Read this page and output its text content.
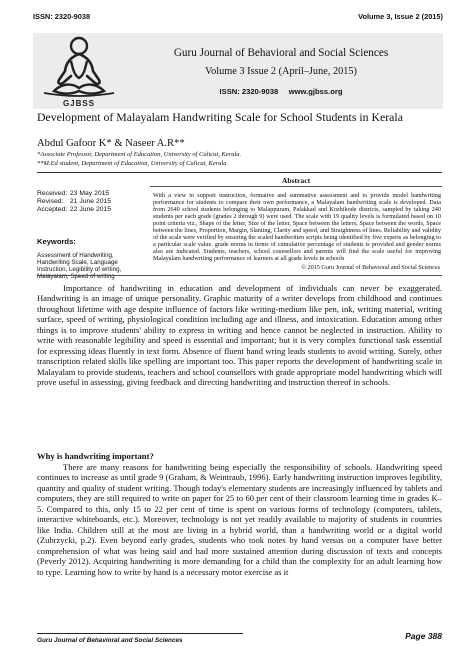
ISSN: 2320-9038	Volume 3, Issue 2 (2015)
GJBSS
Guru Journal of Behavioral and Social Sciences
Volume 3 Issue 2 (April–June, 2015)
ISSN: 2320-9038     www.gjbss.org
Development of Malayalam Handwriting Scale for School Students in Kerala
Abdul Gafoor K* & Naseer A.R**
*Associate Professor, Department of Education, University of Calicut, Kerala.
**M.Ed student, Department of Education, University of Calicut, Kerala
Received: 23 May 2015
Revised: 21 June 2015
Accepted: 22 June 2015
Keywords:
Assessment of Handwriting, Handwriting Scale, Language Instruction, Legibility of writing, Malayalam, Speed of writing
Abstract
With a view to support instruction, formative and summative assessment and to provide model handwriting performance for students to compare their own performance, a Malayalam handwriting scale is developed. Data from 2640 school students belonging to Malappuram, Palakkad and Kozhikode districts, sampled by taking 240 students per each grade (grades 2 through 9) were used. The scale with 19 quality levels is formulated based on 10 point criteria viz., Shape of the letter, Size of the letter, Space between the letters, Space between the words, Space between the lines, Proportion, Margin, Slanting, Clarity and speed, and Straightness of lines. Reliability and validity of the scale were verified by ensuring the scaled handwritten scripts being identified by five experts as belonging to a particular scale value. grade norms in terms of cumulative percentage of students is provided and gender norms also are indicated. Students, teachers, school counsellors and parents will find the scale useful for improving Malayalam handwriting performance of learners at all grade levels in schools
© 2015 Guru Journal of Behavioral and Social Sciences

Importance of handwriting in education and development of individuals can never be exaggerated. Handwriting is an image of unique personality. Graphic maturity of a writer develops from childhood and continues throughout lifetime with age despite influence of factors like writing-medium like pen, ink, writing material, writing surface, speed of writing, physiological condition including age and illness, and intoxication. Education among other things is to improve students' ability to express in writing and hence cannot be neglected in instruction. Ability to write with reasonable legibility and speed is essential and important; but it is very complex functional task essential for expressing ideas fluently in text form. Absence of fluent hand wring leads students to avoid writing. Surely, other transcription related skills like spelling are important too. This paper reports the development of handwriting scale in Malayalam to provide students, teachers and school counsellors with grade appropriate model handwriting which will prove useful in assessing, giving feedback and directing handwriting and instruction thereof in schools.

Why is handwriting important?

There are many reasons for handwriting being especially the responsibility of schools. Handwriting speed continues to increase as until grade 9 (Graham, & Weintraub, 1996). Early handwriting instruction improves legibility, quantity and quality of student writing. Though today's elementary students are increasingly influenced by tablets and computers, they are still required to write on paper for 25 to 60 per cent of their classroom learning time in grades K–5. Compared to this, only 15 to 22 per cent of time is spent on various forms of technology (computers, tablets, interactive whiteboards, etc.). Moreover, technology is not yet readily available to majority of students in countries like India. Children still at the most are living in a hybrid world, than a handwriting world or a digital world (Zubrzycki, p.2). Even beyond early grades, students who took notes by hand versus on a computer have better comprehension of what was being said and had more sustained attention during discussion of texts and concepts (Peverly 2012). Acquiring handwriting is more demanding for a child than the complexity for an adult learning how to type. Learning how to write by hand is a necessary motor exercise as it

Guru Journal of Behavioral and Social Sciences	Page 388
